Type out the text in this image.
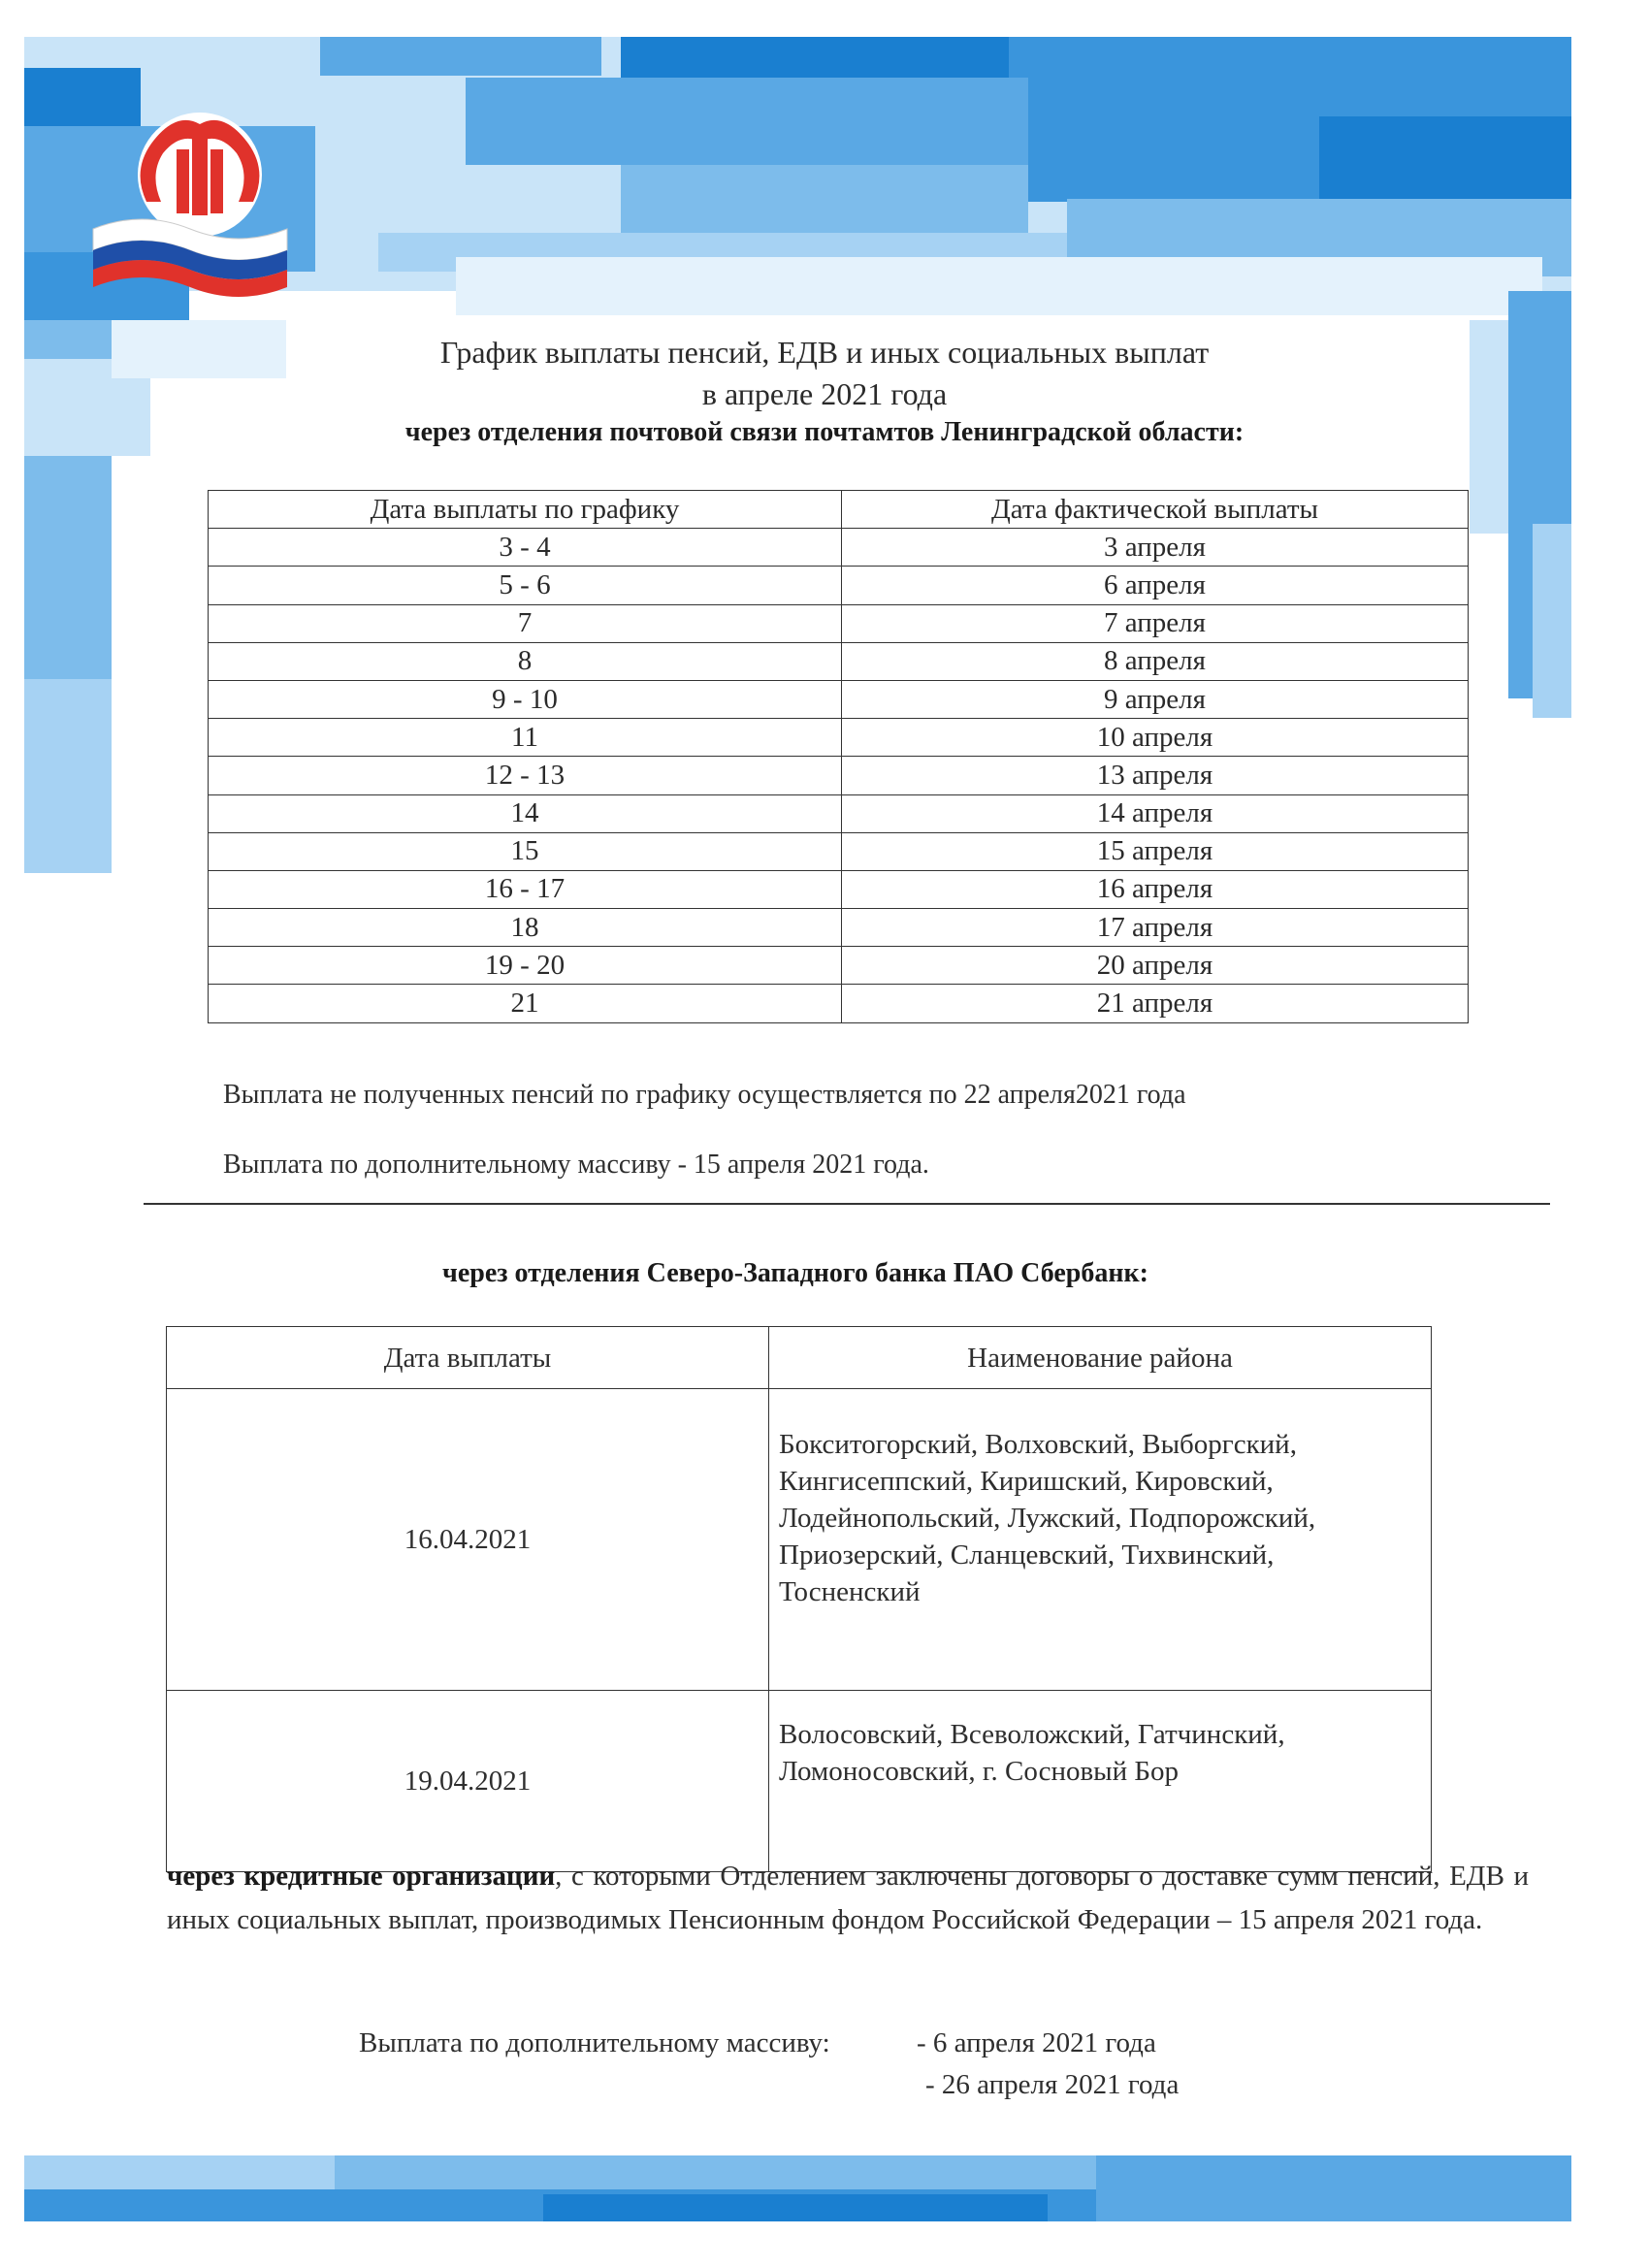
График выплаты пенсий, ЕДВ и иных социальных выплат
в апреле 2021 года
через отделения почтовой связи почтамтов Ленинградской области:
Дата выплаты по графику	Дата фактической выплаты
3 - 4	3 апреля
5 - 6	6 апреля
7	7 апреля
8	8 апреля
9 - 10	9 апреля
11	10 апреля
12 - 13	13 апреля
14	14 апреля
15	15 апреля
16 - 17	16 апреля
18	17 апреля
19 - 20	20 апреля
21	21 апреля
Выплата не полученных пенсий по графику осуществляется по 22 апреля2021 года
Выплата по дополнительному массиву - 15 апреля 2021 года.
через отделения Северо-Западного банка ПАО Сбербанк:
Дата выплаты	Наименование района
16.04.2021	Бокситогорский, Волховский, Выборгский,
Кингисеппский, Киришский, Кировский,
Лодейнопольский, Лужский, Подпорожский,
Приозерский, Сланцевский, Тихвинский,
Тосненский

19.04.2021	Волосовский, Всеволожский, Гатчинский,
Ломоносовский, г. Сосновый Бор
через кредитные организации, с которыми Отделением заключены договоры о доставке сумм пенсий, ЕДВ и иных социальных выплат, производимых Пенсионным фондом Российской Федерации – 15 апреля 2021 года.
Выплата по дополнительному массиву:	- 6 апреля 2021 года
- 26 апреля 2021 года
